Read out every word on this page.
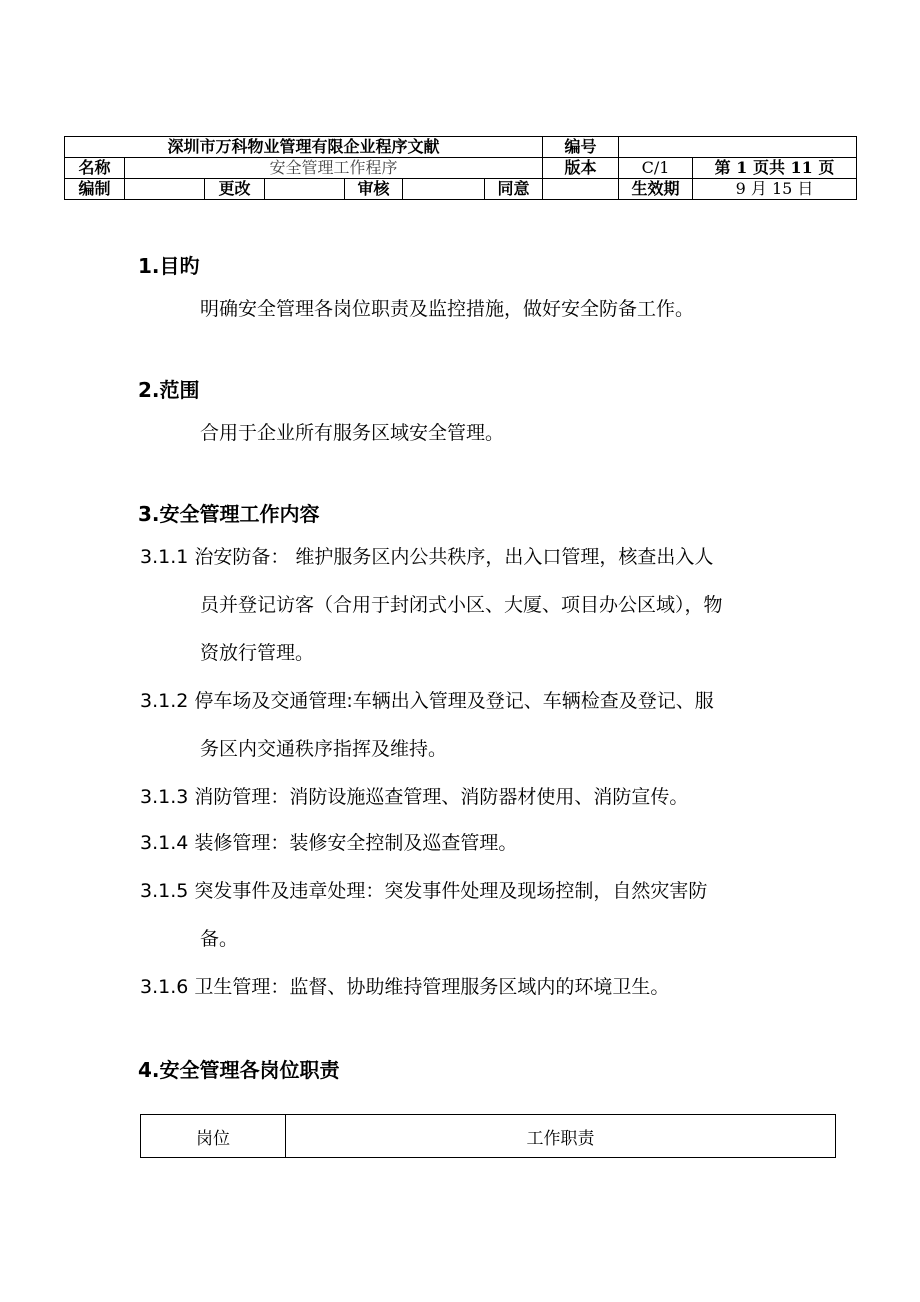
深圳市万科物业管理有限企业程序文献							编号		
名称	安全管理工作程序						版本	C/1	第 1 页共 11 页
编制		更改		审核		同意		生效期	9 月 15 日
1.目旳
明确安全管理各岗位职责及监控措施，做好安全防备工作。
2.范围
合用于企业所有服务区域安全管理。
3.安全管理工作内容
3.1.1 治安防备： 维护服务区内公共秩序，出入口管理，核查出入人
员并登记访客（合用于封闭式小区、大厦、项目办公区域），物
资放行管理。
3.1.2 停车场及交通管理:车辆出入管理及登记、车辆检查及登记、服
务区内交通秩序指挥及维持。
3.1.3 消防管理：消防设施巡查管理、消防器材使用、消防宣传。
3.1.4 装修管理：装修安全控制及巡查管理。
3.1.5 突发事件及违章处理：突发事件处理及现场控制，自然灾害防
备。
3.1.6 卫生管理：监督、协助维持管理服务区域内的环境卫生。
4.安全管理各岗位职责
岗位	工作职责
